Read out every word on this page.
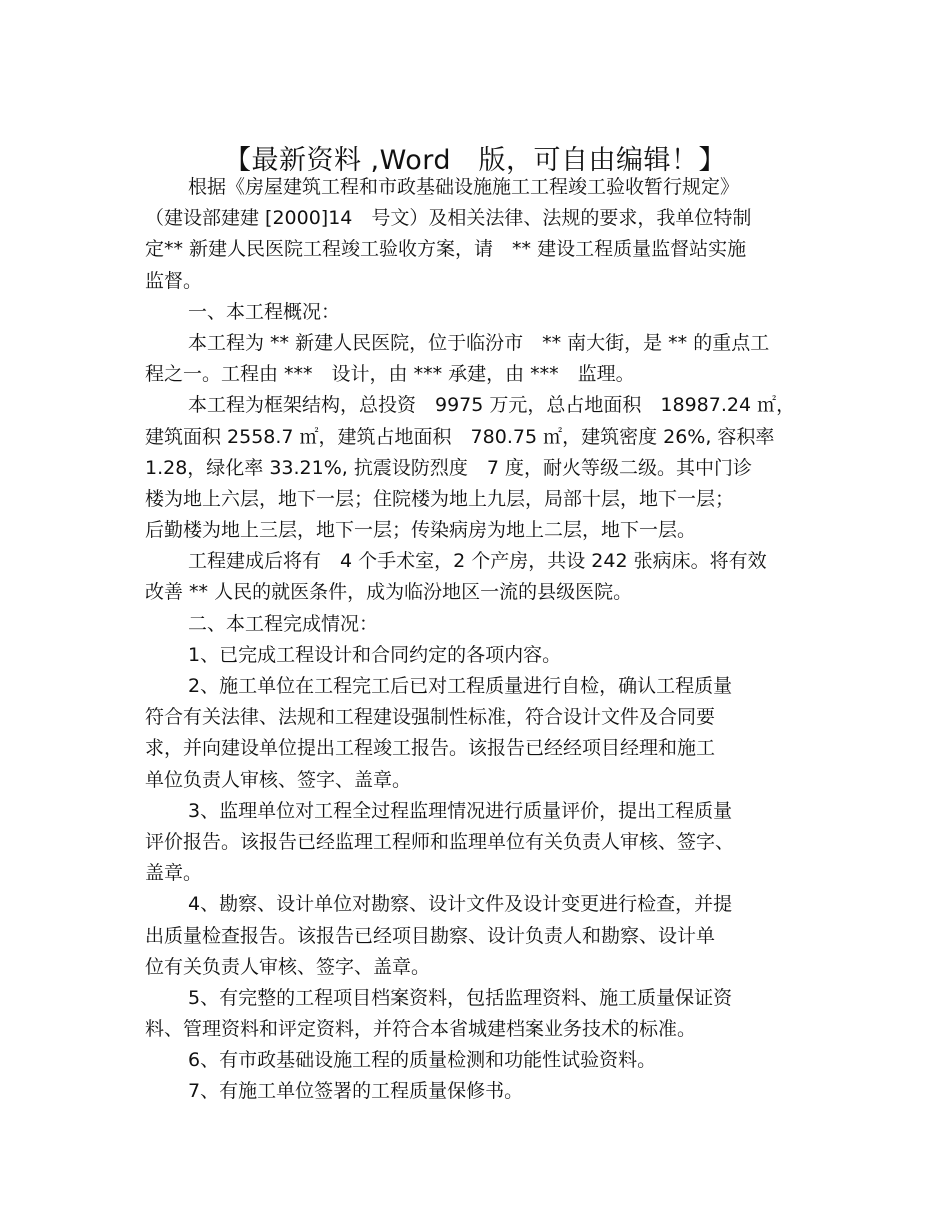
【最新资料 ,Word　版，可自由编辑！】
根据《房屋建筑工程和市政基础设施施工工程竣工验收暂行规定》
（建设部建建 [2000]14　号文）及相关法律、法规的要求，我单位特制
定** 新建人民医院工程竣工验收方案，请　** 建设工程质量监督站实施
监督。
一、本工程概况：
本工程为 ** 新建人民医院，位于临汾市　** 南大街，是 ** 的重点工
程之一。工程由 ***　设计，由 *** 承建，由 ***　监理。
本工程为框架结构，总投资　9975 万元，总占地面积　18987.24 ㎡，
建筑面积 2558.7 ㎡，建筑占地面积　780.75 ㎡，建筑密度 26%, 容积率
1.28，绿化率 33.21%, 抗震设防烈度　7 度，耐火等级二级。其中门诊
楼为地上六层，地下一层；住院楼为地上九层，局部十层，地下一层；
后勤楼为地上三层，地下一层；传染病房为地上二层，地下一层。
工程建成后将有　4 个手术室，2 个产房，共设 242 张病床。将有效
改善 ** 人民的就医条件，成为临汾地区一流的县级医院。
二、本工程完成情况：
1、已完成工程设计和合同约定的各项内容。
2、施工单位在工程完工后已对工程质量进行自检，确认工程质量
符合有关法律、法规和工程建设强制性标准，符合设计文件及合同要
求，并向建设单位提出工程竣工报告。该报告已经经项目经理和施工
单位负责人审核、签字、盖章。
3、监理单位对工程全过程监理情况进行质量评价，提出工程质量
评价报告。该报告已经监理工程师和监理单位有关负责人审核、签字、
盖章。
4、勘察、设计单位对勘察、设计文件及设计变更进行检查，并提
出质量检查报告。该报告已经项目勘察、设计负责人和勘察、设计单
位有关负责人审核、签字、盖章。
5、有完整的工程项目档案资料，包括监理资料、施工质量保证资
料、管理资料和评定资料，并符合本省城建档案业务技术的标准。
6、有市政基础设施工程的质量检测和功能性试验资料。
7、有施工单位签署的工程质量保修书。
